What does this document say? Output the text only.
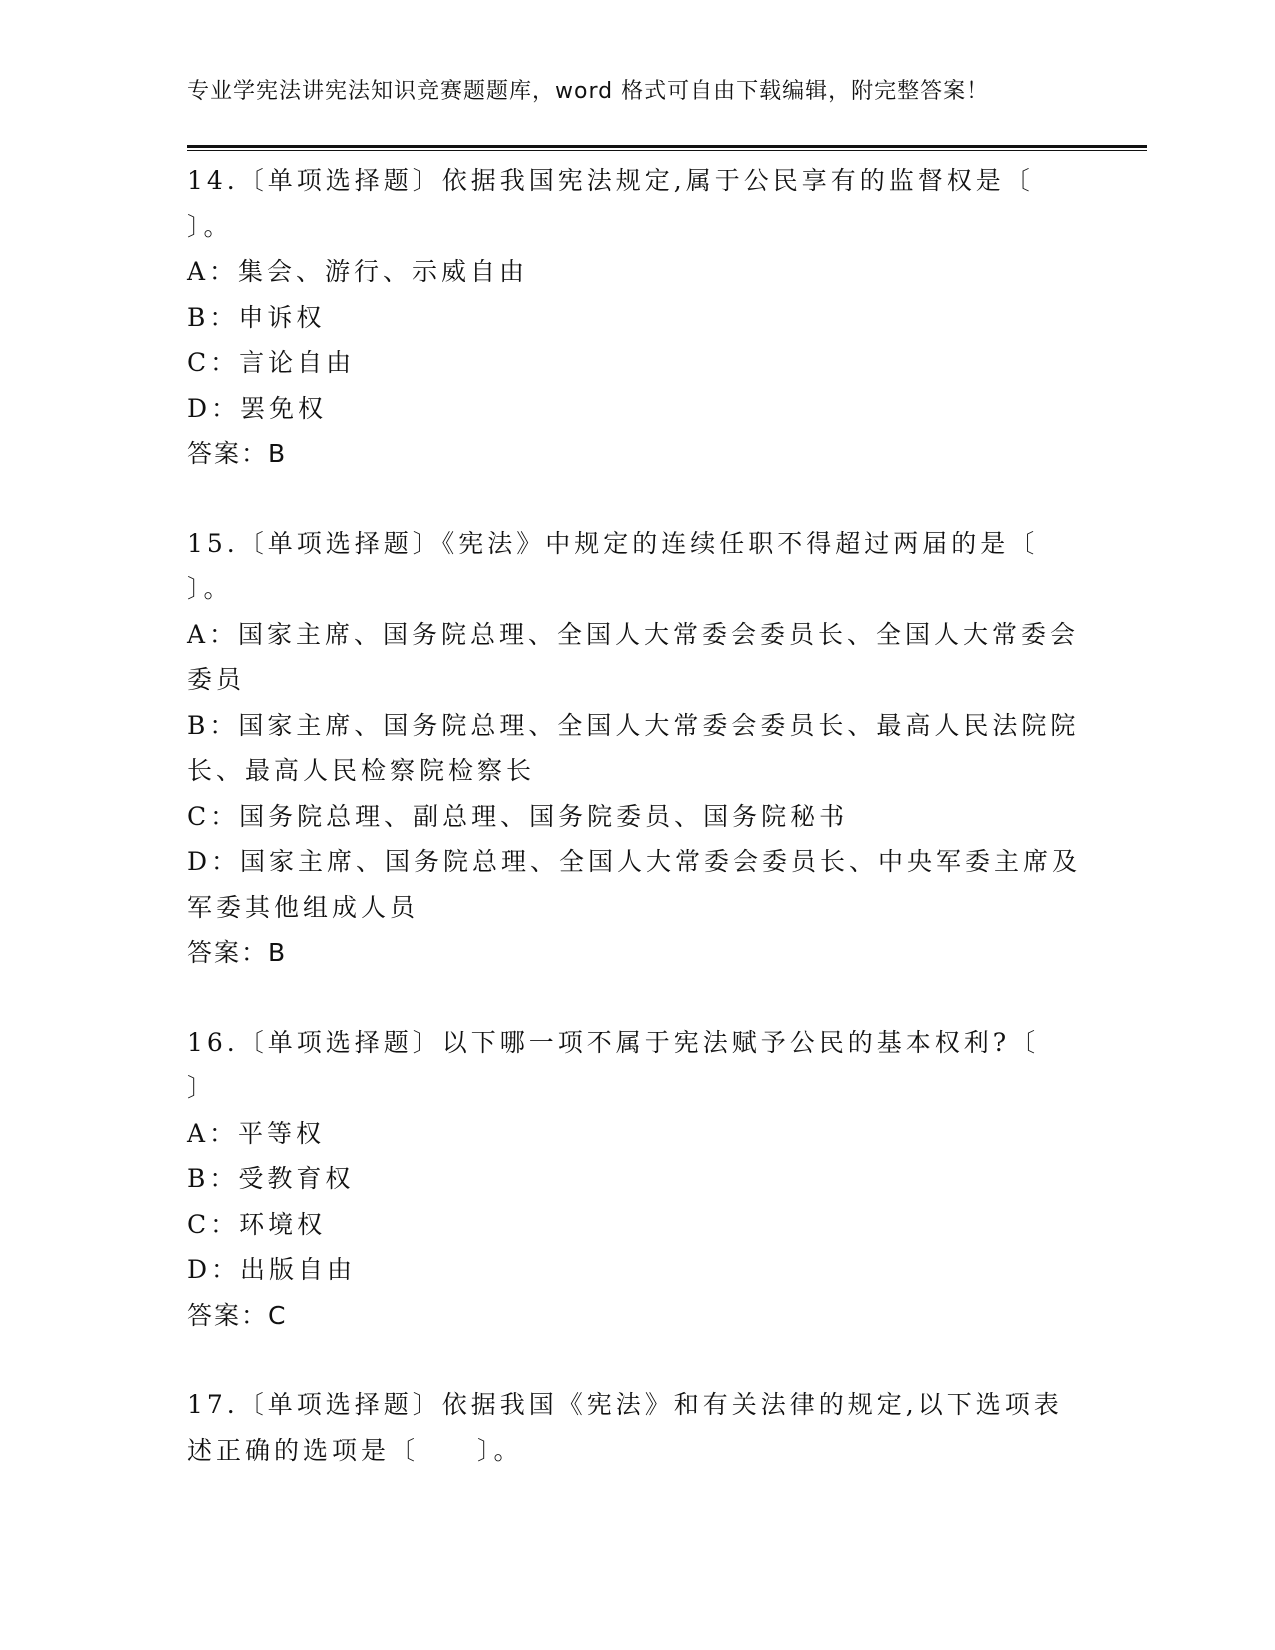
专业学宪法讲宪法知识竞赛题题库，word 格式可自由下载编辑，附完整答案！
14.〔单项选择题〕依据我国宪法规定,属于公民享有的监督权是〔
〕。
A：集会、游行、示威自由
B：申诉权
C：言论自由
D：罢免权
答案：B
15.〔单项选择题〕《宪法》中规定的连续任职不得超过两届的是〔
〕。
A：国家主席、国务院总理、全国人大常委会委员长、全国人大常委会
委员
B：国家主席、国务院总理、全国人大常委会委员长、最高人民法院院
长、最高人民检察院检察长
C：国务院总理、副总理、国务院委员、国务院秘书
D：国家主席、国务院总理、全国人大常委会委员长、中央军委主席及
军委其他组成人员
答案：B
16.〔单项选择题〕以下哪一项不属于宪法赋予公民的基本权利?〔
〕
A：平等权
B：受教育权
C：环境权
D：出版自由
答案：C
17.〔单项选择题〕依据我国《宪法》和有关法律的规定,以下选项表
述正确的选项是〔　　〕。
